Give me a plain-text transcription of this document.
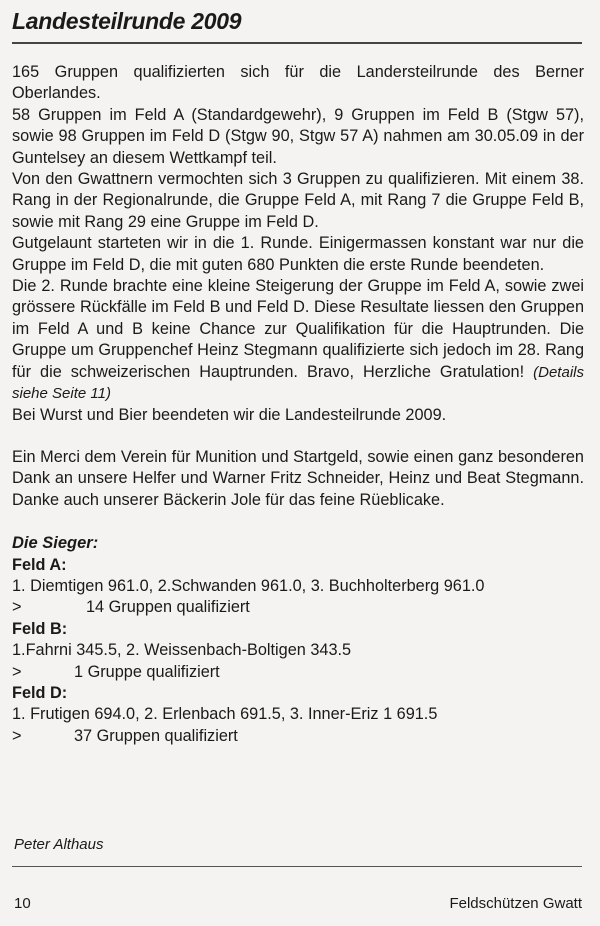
Landesteilrunde 2009

165 Gruppen qualifizierten sich für die Landersteilrunde des Berner Oberlandes.

58 Gruppen im Feld A (Standardgewehr), 9 Gruppen im Feld B (Stgw 57), sowie 98 Gruppen im Feld D (Stgw 90, Stgw 57 A) nahmen am 30.05.09 in der Guntelsey an diesem Wettkampf teil.

Von den Gwattnern vermochten sich 3 Gruppen zu qualifizieren. Mit einem 38. Rang in der Regionalrunde, die Gruppe Feld A, mit Rang 7 die Gruppe Feld B, sowie mit Rang 29 eine Gruppe im Feld D.

Gutgelaunt starteten wir in die 1. Runde. Einigermassen konstant war nur die Gruppe im Feld D, die mit guten 680 Punkten die erste Runde beendeten.

Die 2. Runde brachte eine kleine Steigerung der Gruppe im Feld A, sowie zwei grössere Rückfälle im Feld B und Feld D. Diese Resultate liessen den Gruppen im Feld A und B keine Chance zur Qualifikation für die Hauptrunden. Die Gruppe um Gruppenchef Heinz Stegmann qualifizierte sich jedoch im 28. Rang für die schweizerischen Hauptrunden. Bravo, Herzliche Gratulation! (Details siehe Seite 11)

Bei Wurst und Bier beendeten wir die Landesteilrunde 2009.

Ein Merci dem Verein für Munition und Startgeld, sowie einen ganz besonderen Dank an unsere Helfer und Warner Fritz Schneider, Heinz und Beat Stegmann. Danke auch unserer Bäckerin Jole für das feine Rüeblicake.

Die Sieger:

Feld A:

1. Diemtigen 961.0, 2.Schwanden 961.0, 3. Buchholterberg 961.0

>	14 Gruppen qualifiziert

Feld B:

1.Fahrni 345.5, 2. Weissenbach-Boltigen 343.5

>	1 Gruppe qualifiziert

Feld D:

1. Frutigen 694.0, 2. Erlenbach 691.5, 3. Inner-Eriz 1 691.5

>	37 Gruppen qualifiziert

Peter Althaus
10	Feldschützen Gwatt
